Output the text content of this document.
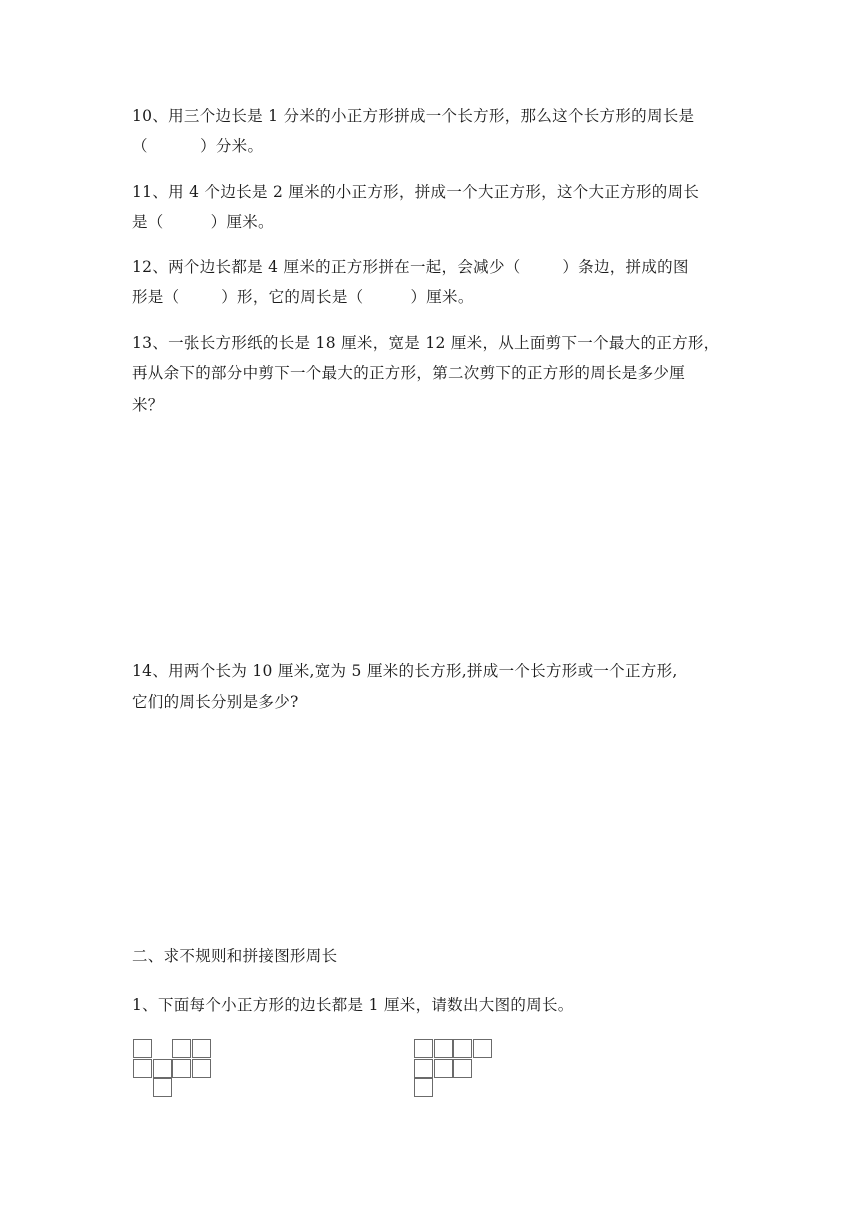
10、用三个边长是 1 分米的小正方形拼成一个长方形，那么这个长方形的周长是
（          ）分米。
11、用 4 个边长是 2 厘米的小正方形，拼成一个大正方形，这个大正方形的周长
是（         ）厘米。
12、两个边长都是 4 厘米的正方形拼在一起，会减少（        ）条边，拼成的图
形是（        ）形，它的周长是（         ）厘米。
13、一张长方形纸的长是 18 厘米，宽是 12 厘米，从上面剪下一个最大的正方形，
再从余下的部分中剪下一个最大的正方形，第二次剪下的正方形的周长是多少厘
米？
14、用两个长为 10 厘米,宽为 5 厘米的长方形,拼成一个长方形或一个正方形,
它们的周长分别是多少?
二、求不规则和拼接图形周长
1、下面每个小正方形的边长都是 1 厘米，请数出大图的周长。
